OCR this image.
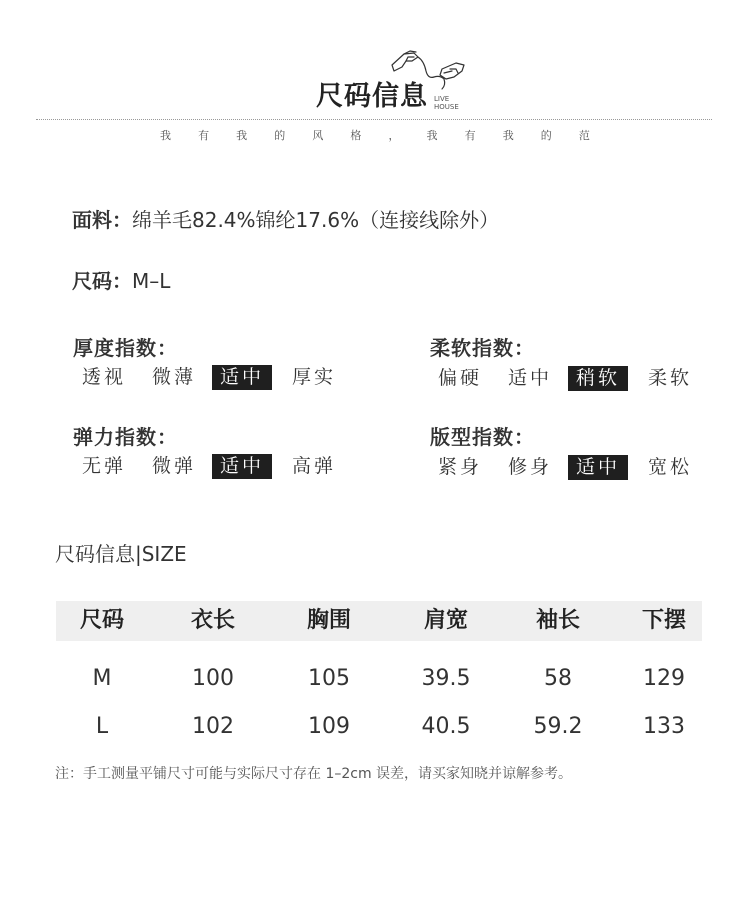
尺码信息 LIVE
HOUSE
我 有 我 的 风 格 ， 我 有 我 的 范
面料：绵羊毛82.4%锦纶17.6%（连接线除外）
尺码：M–L
厚度指数：
透视 微薄	适中	厚实
柔软指数：
偏硬 适中	稍软	柔软
弹力指数：
无弹 微弹	适中	高弹
版型指数：
紧身 修身	适中	宽松
尺码信息|SIZE
尺码	衣长	胸围	肩宽	袖长	下摆
M	100	105	39.5	58	129
L	102	109	40.5	59.2	133
注：手工测量平铺尺寸可能与实际尺寸存在 1–2cm 误差，请买家知晓并谅解参考。
